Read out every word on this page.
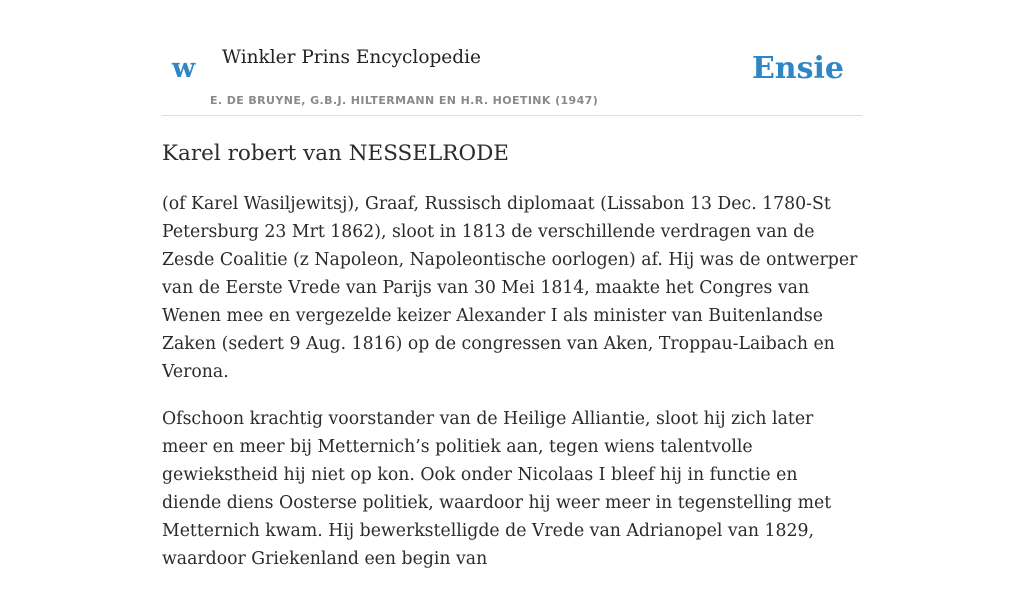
w Winkler Prins Encyclopedie
E. DE BRUYNE, G.B.J. HILTERMANN EN H.R. HOETINK (1947)
Ensie
Karel robert van NESSELRODE

(of Karel Wasiljewitsj), Graaf, Russisch diplomaat (Lissabon 13 Dec. 1780-St Petersburg 23 Mrt 1862), sloot in 1813 de verschillende verdragen van de Zesde Coalitie (z Napoleon, Napoleontische oorlogen) af. Hij was de ontwerper van de Eerste Vrede van Parijs van 30 Mei 1814, maakte het Congres van Wenen mee en vergezelde keizer Alexander I als minister van Buitenlandse Zaken (sedert 9 Aug. 1816) op de congressen van Aken, Troppau-Laibach en Verona.

Ofschoon krachtig voorstander van de Heilige Alliantie, sloot hij zich later meer en meer bij Metternich’s politiek aan, tegen wiens talentvolle gewiekstheid hij niet op kon. Ook onder Nicolaas I bleef hij in functie en diende diens Oosterse politiek, waardoor hij weer meer in tegenstelling met Metternich kwam. Hij bewerkstelligde de Vrede van Adrianopel van 1829, waardoor Griekenland een begin van
